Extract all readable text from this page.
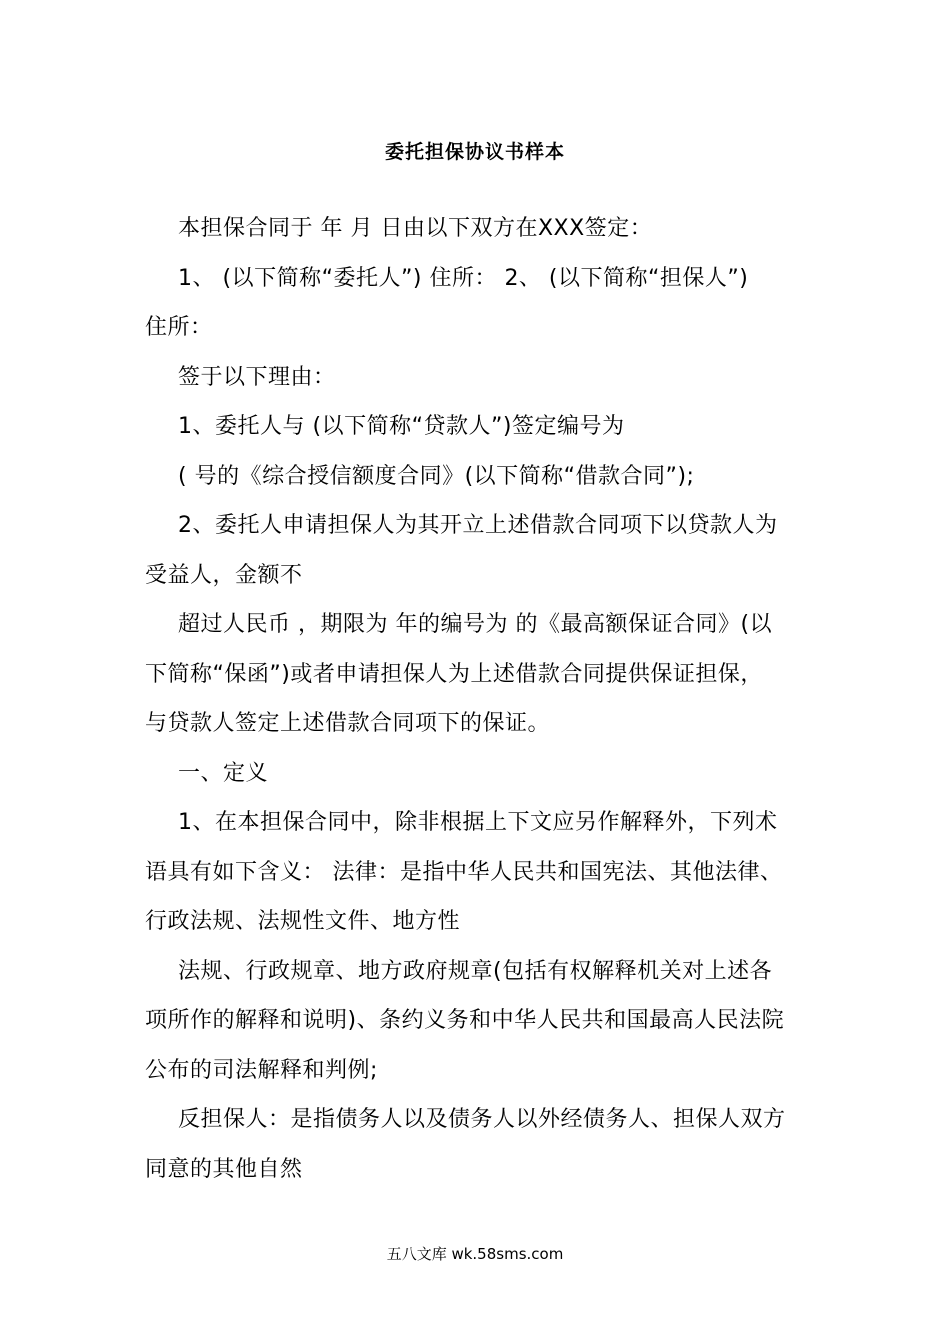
委托担保协议书样本

本担保合同于 年 月 日由以下双方在XXX签定：

1、 (以下简称“委托人”) 住所： 2、 (以下简称“担保人”)

住所：

签于以下理由：

1、委托人与 (以下简称“贷款人”)签定编号为

( 号的《综合授信额度合同》(以下简称“借款合同”);

2、委托人申请担保人为其开立上述借款合同项下以贷款人为

受益人，金额不

超过人民币 ，期限为 年的编号为 的《最高额保证合同》(以

下简称“保函”)或者申请担保人为上述借款合同提供保证担保，

与贷款人签定上述借款合同项下的保证。

一、定义

1、在本担保合同中，除非根据上下文应另作解释外，下列术

语具有如下含义： 法律：是指中华人民共和国宪法、其他法律、

行政法规、法规性文件、地方性

法规、行政规章、地方政府规章(包括有权解释机关对上述各

项所作的解释和说明)、条约义务和中华人民共和国最高人民法院

公布的司法解释和判例;

反担保人：是指债务人以及债务人以外经债务人、担保人双方

同意的其他自然

五八文库 wk.58sms.com
